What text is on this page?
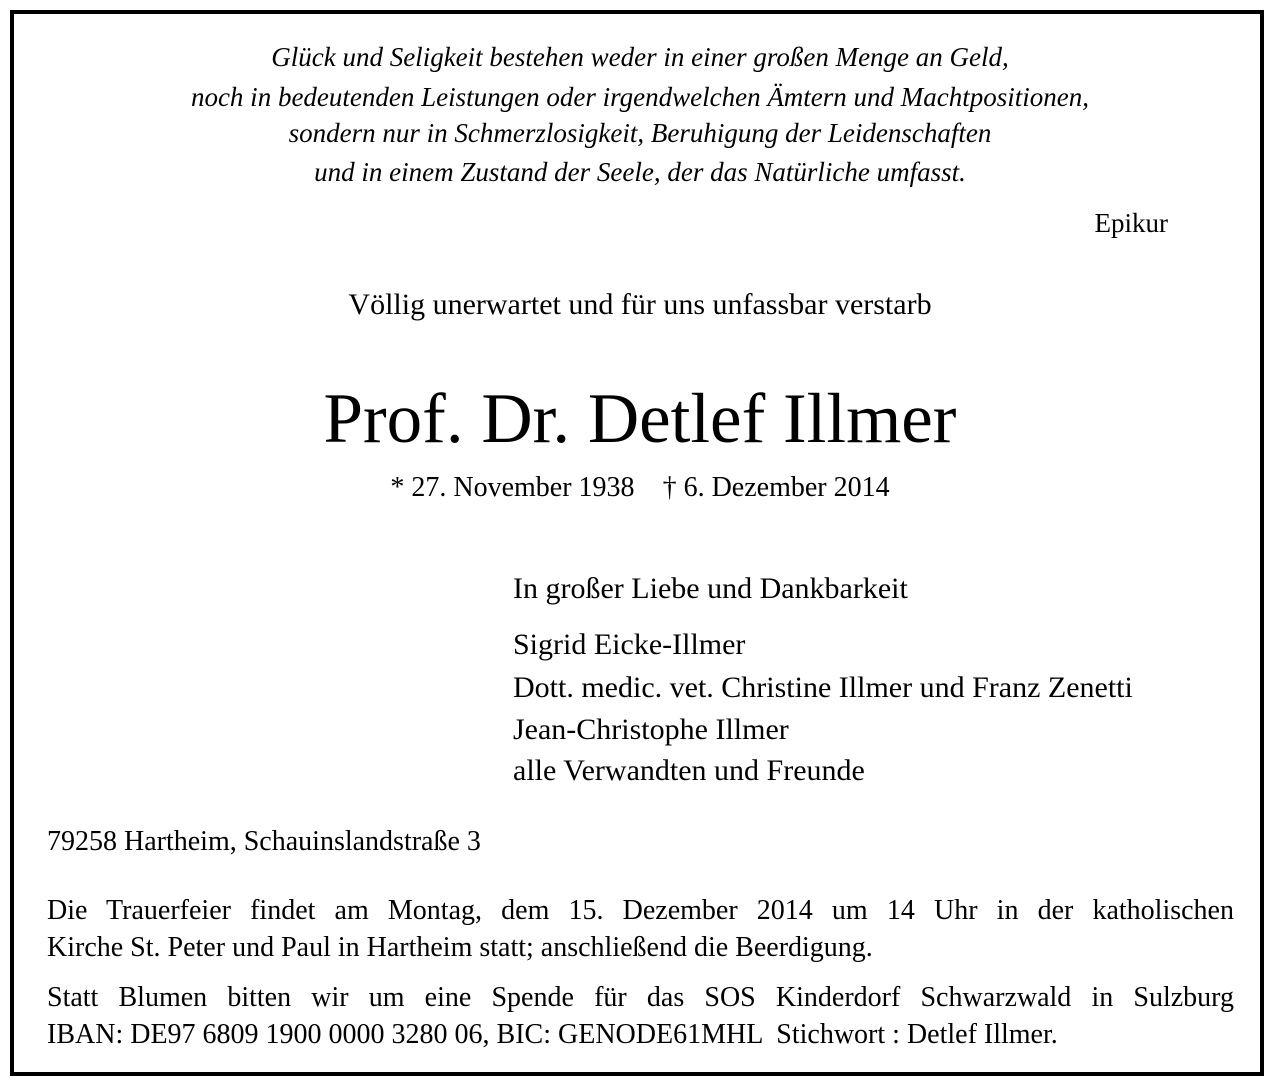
Glück und Seligkeit bestehen weder in einer großen Menge an Geld,
noch in bedeutenden Leistungen oder irgendwelchen Ämtern und Machtpositionen,
sondern nur in Schmerzlosigkeit, Beruhigung der Leidenschaften
und in einem Zustand der Seele, der das Natürliche umfasst.
Epikur
Völlig unerwartet und für uns unfassbar verstarb
Prof. Dr. Detlef Illmer
* 27. November 1938 † 6. Dezember 2014
In großer Liebe und Dankbarkeit
Sigrid Eicke-Illmer
Dott. medic. vet. Christine Illmer und Franz Zenetti
Jean-Christophe Illmer
alle Verwandten und Freunde
79258 Hartheim, Schauinslandstraße 3
Die Trauerfeier findet am Montag, dem 15. Dezember 2014 um 14 Uhr in der katholischen
Kirche St. Peter und Paul in Hartheim statt; anschließend die Beerdigung.
Statt Blumen bitten wir um eine Spende für das SOS Kinderdorf Schwarzwald in Sulzburg
IBAN: DE97 6809 1900 0000 3280 06, BIC: GENODE61MHL  Stichwort : Detlef Illmer.
